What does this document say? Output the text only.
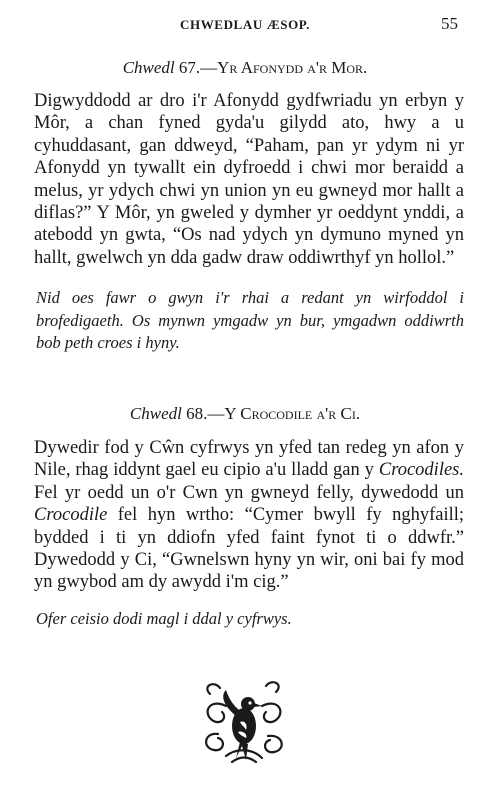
CHWEDLAU ÆSOP.	55
Chwedl 67.—Yr Afonydd a'r Mor.

Digwyddodd ar dro i'r Afonydd gydfwriadu yn erbyn y Môr, a chan fyned gyda'u gilydd ato, hwy a u cyhuddasant, gan ddweyd, “Paham, pan yr ydym ni yr Afonydd yn tywallt ein dyfroedd i chwi mor beraidd a melus, yr ydych chwi yn union yn eu gwneyd mor hallt a diflas?” Y Môr, yn gweled y dymher yr oeddynt ynddi, a atebodd yn gwta, “Os nad ydych yn dymuno myned yn hallt, gwelwch yn dda gadw draw oddiwrthyf yn hollol.”

Nid oes fawr o gwyn i'r rhai a redant yn wirfoddol i brofedigaeth. Os mynwn ymgadw yn bur, ymgadwn oddiwrth bob peth croes i hyny.

Chwedl 68.—Y Crocodile a'r Ci.

Dywedir fod y Cŵn cyfrwys yn yfed tan redeg yn afon y Nile, rhag iddynt gael eu cipio a'u lladd gan y Crocodiles. Fel yr oedd un o'r Cwn yn gwneyd felly, dywedodd un Crocodile fel hyn wrtho: “Cymer bwyll fy nghyfaill; bydded i ti yn ddiofn yfed faint fynot ti o ddwfr.” Dywedodd y Ci, “Gwnelswn hyny yn wir, oni bai fy mod yn gwybod am dy awydd i'm cig.”

Ofer ceisio dodi magl i ddal y cyfrwys.
